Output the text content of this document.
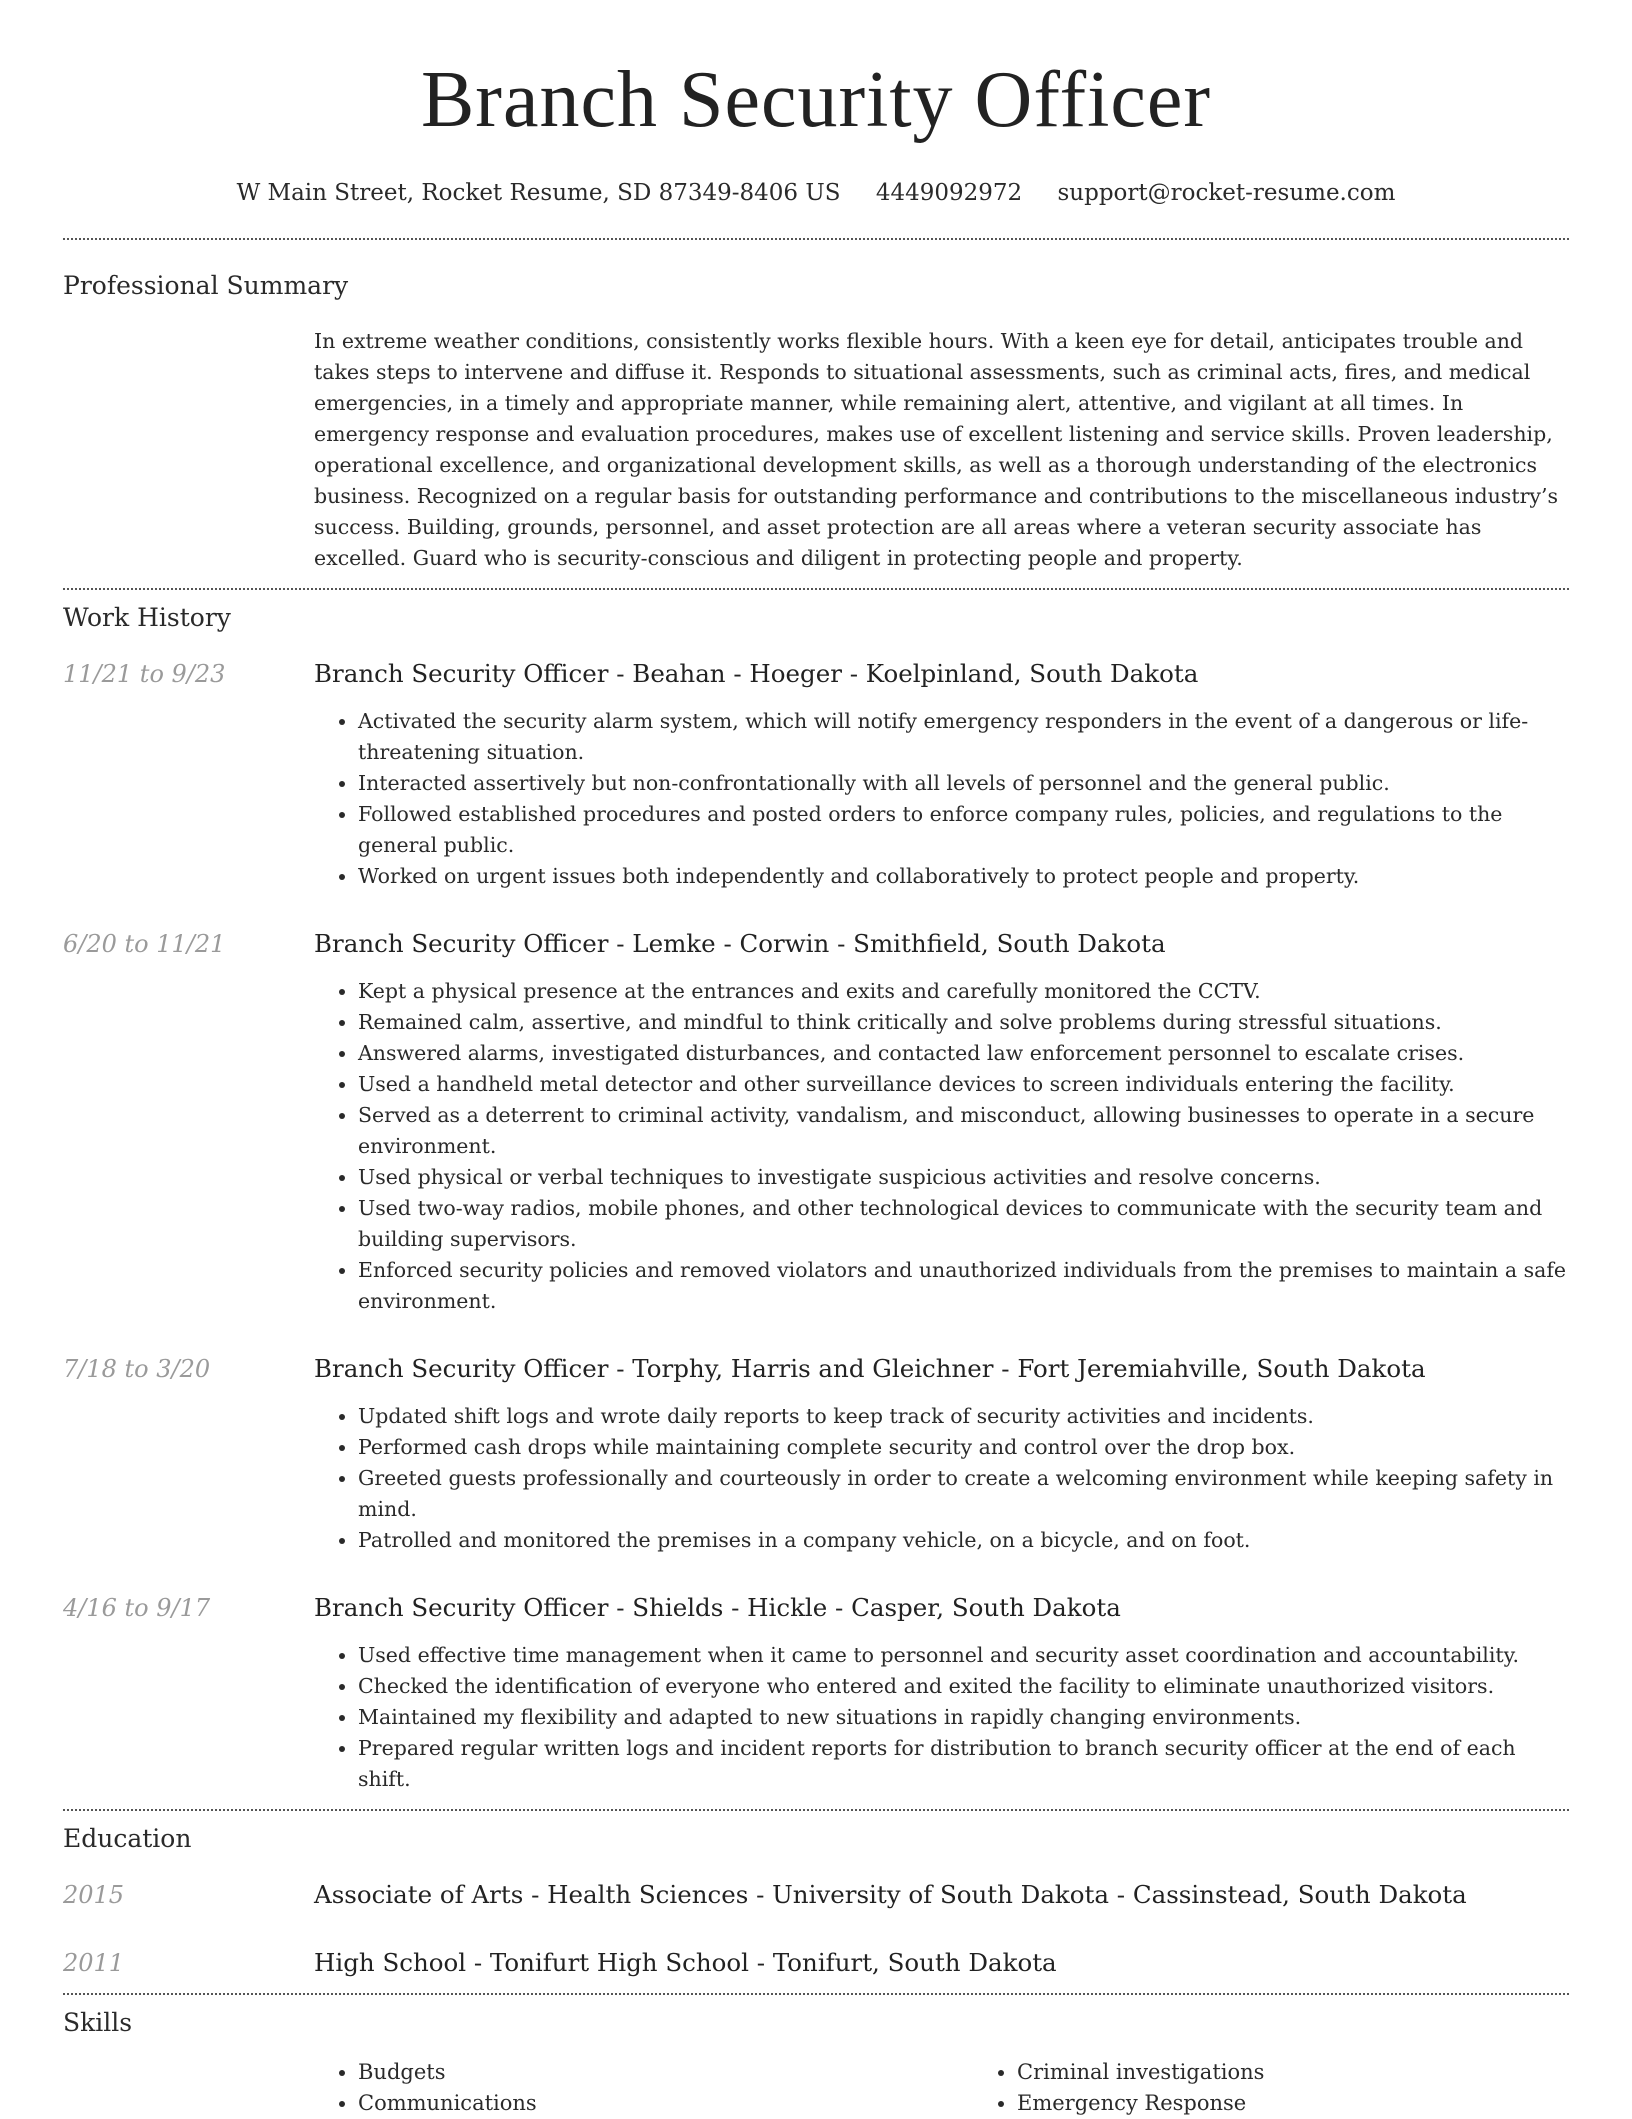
Branch Security Officer
W Main Street, Rocket Resume, SD 87349-8406 US 4449092972 support@rocket-resume.com
Professional Summary

In extreme weather conditions, consistently works flexible hours. With a keen eye for detail, anticipates trouble and takes steps to intervene and diffuse it. Responds to situational assessments, such as criminal acts, fires, and medical emergencies, in a timely and appropriate manner, while remaining alert, attentive, and vigilant at all times. In emergency response and evaluation procedures, makes use of excellent listening and service skills. Proven leadership, operational excellence, and organizational development skills, as well as a thorough understanding of the electronics business. Recognized on a regular basis for outstanding performance and contributions to the miscellaneous industry’s success. Building, grounds, personnel, and asset protection are all areas where a veteran security associate has excelled. Guard who is security-conscious and diligent in protecting people and property.

Work History
11/21 to 9/23	Branch Security Officer - Beahan - Hoeger - Koelpinland, South Dakota
• Activated the security alarm system, which will notify emergency responders in the event of a dangerous or life-threatening situation.
• Interacted assertively but non-confrontationally with all levels of personnel and the general public.
• Followed established procedures and posted orders to enforce company rules, policies, and regulations to the general public.
• Worked on urgent issues both independently and collaboratively to protect people and property.
6/20 to 11/21	Branch Security Officer - Lemke - Corwin - Smithfield, South Dakota
• Kept a physical presence at the entrances and exits and carefully monitored the CCTV.
• Remained calm, assertive, and mindful to think critically and solve problems during stressful situations.
• Answered alarms, investigated disturbances, and contacted law enforcement personnel to escalate crises.
• Used a handheld metal detector and other surveillance devices to screen individuals entering the facility.
• Served as a deterrent to criminal activity, vandalism, and misconduct, allowing businesses to operate in a secure environment.
• Used physical or verbal techniques to investigate suspicious activities and resolve concerns.
• Used two-way radios, mobile phones, and other technological devices to communicate with the security team and building supervisors.
• Enforced security policies and removed violators and unauthorized individuals from the premises to maintain a safe environment.
7/18 to 3/20	Branch Security Officer - Torphy, Harris and Gleichner - Fort Jeremiahville, South Dakota
• Updated shift logs and wrote daily reports to keep track of security activities and incidents.
• Performed cash drops while maintaining complete security and control over the drop box.
• Greeted guests professionally and courteously in order to create a welcoming environment while keeping safety in mind.
• Patrolled and monitored the premises in a company vehicle, on a bicycle, and on foot.
4/16 to 9/17	Branch Security Officer - Shields - Hickle - Casper, South Dakota
• Used effective time management when it came to personnel and security asset coordination and accountability.
• Checked the identification of everyone who entered and exited the facility to eliminate unauthorized visitors.
• Maintained my flexibility and adapted to new situations in rapidly changing environments.
• Prepared regular written logs and incident reports for distribution to branch security officer at the end of each shift.
Education
2015	Associate of Arts - Health Sciences - University of South Dakota - Cassinstead, South Dakota
2011	High School - Tonifurt High School - Tonifurt, South Dakota
Skills
• Budgets
• Communications
• Criminal investigations
• Emergency Response
